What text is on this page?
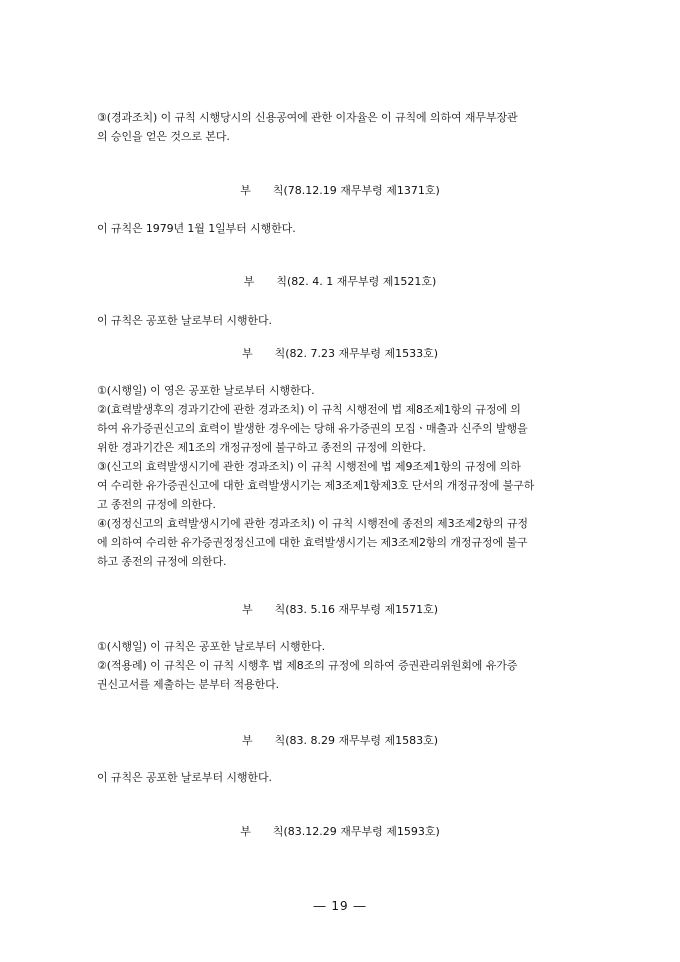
③(경과조치) 이 규칙 시행당시의 신용공여에 관한 이자율은 이 규칙에 의하여 재무부장관
의 승인을 얻은 것으로 본다.
부 칙(78.12.19 재무부령 제1371호)
이 규칙은 1979년 1월 1일부터 시행한다.
부 칙(82. 4. 1 재무부령 제1521호)
이 규칙은 공포한 날로부터 시행한다.
부 칙(82. 7.23 재무부령 제1533호)
①(시행일) 이 영은 공포한 날로부터 시행한다.
②(효력발생후의 경과기간에 관한 경과조치) 이 규칙 시행전에 법 제8조제1항의 규정에 의
하여 유가증권신고의 효력이 발생한 경우에는 당해 유가증권의 모집ㆍ매출과 신주의 발행을
위한 경과기간은 제1조의 개정규정에 불구하고 종전의 규정에 의한다.
③(신고의 효력발생시기에 관한 경과조치) 이 규칙 시행전에 법 제9조제1항의 규정에 의하
여 수리한 유가증권신고에 대한 효력발생시기는 제3조제1항제3호 단서의 개정규정에 불구하
고 종전의 규정에 의한다.
④(정정신고의 효력발생시기에 관한 경과조치) 이 규칙 시행전에 종전의 제3조제2항의 규정
에 의하여 수리한 유가증권정정신고에 대한 효력발생시기는 제3조제2항의 개정규정에 불구
하고 종전의 규정에 의한다.
부 칙(83. 5.16 재무부령 제1571호)
①(시행일) 이 규칙은 공포한 날로부터 시행한다.
②(적용례) 이 규칙은 이 규칙 시행후 법 제8조의 규정에 의하여 증권관리위원회에 유가증
권신고서를 제출하는 분부터 적용한다.
부 칙(83. 8.29 재무부령 제1583호)
이 규칙은 공포한 날로부터 시행한다.
부 칙(83.12.29 재무부령 제1593호)
― 19 ―
